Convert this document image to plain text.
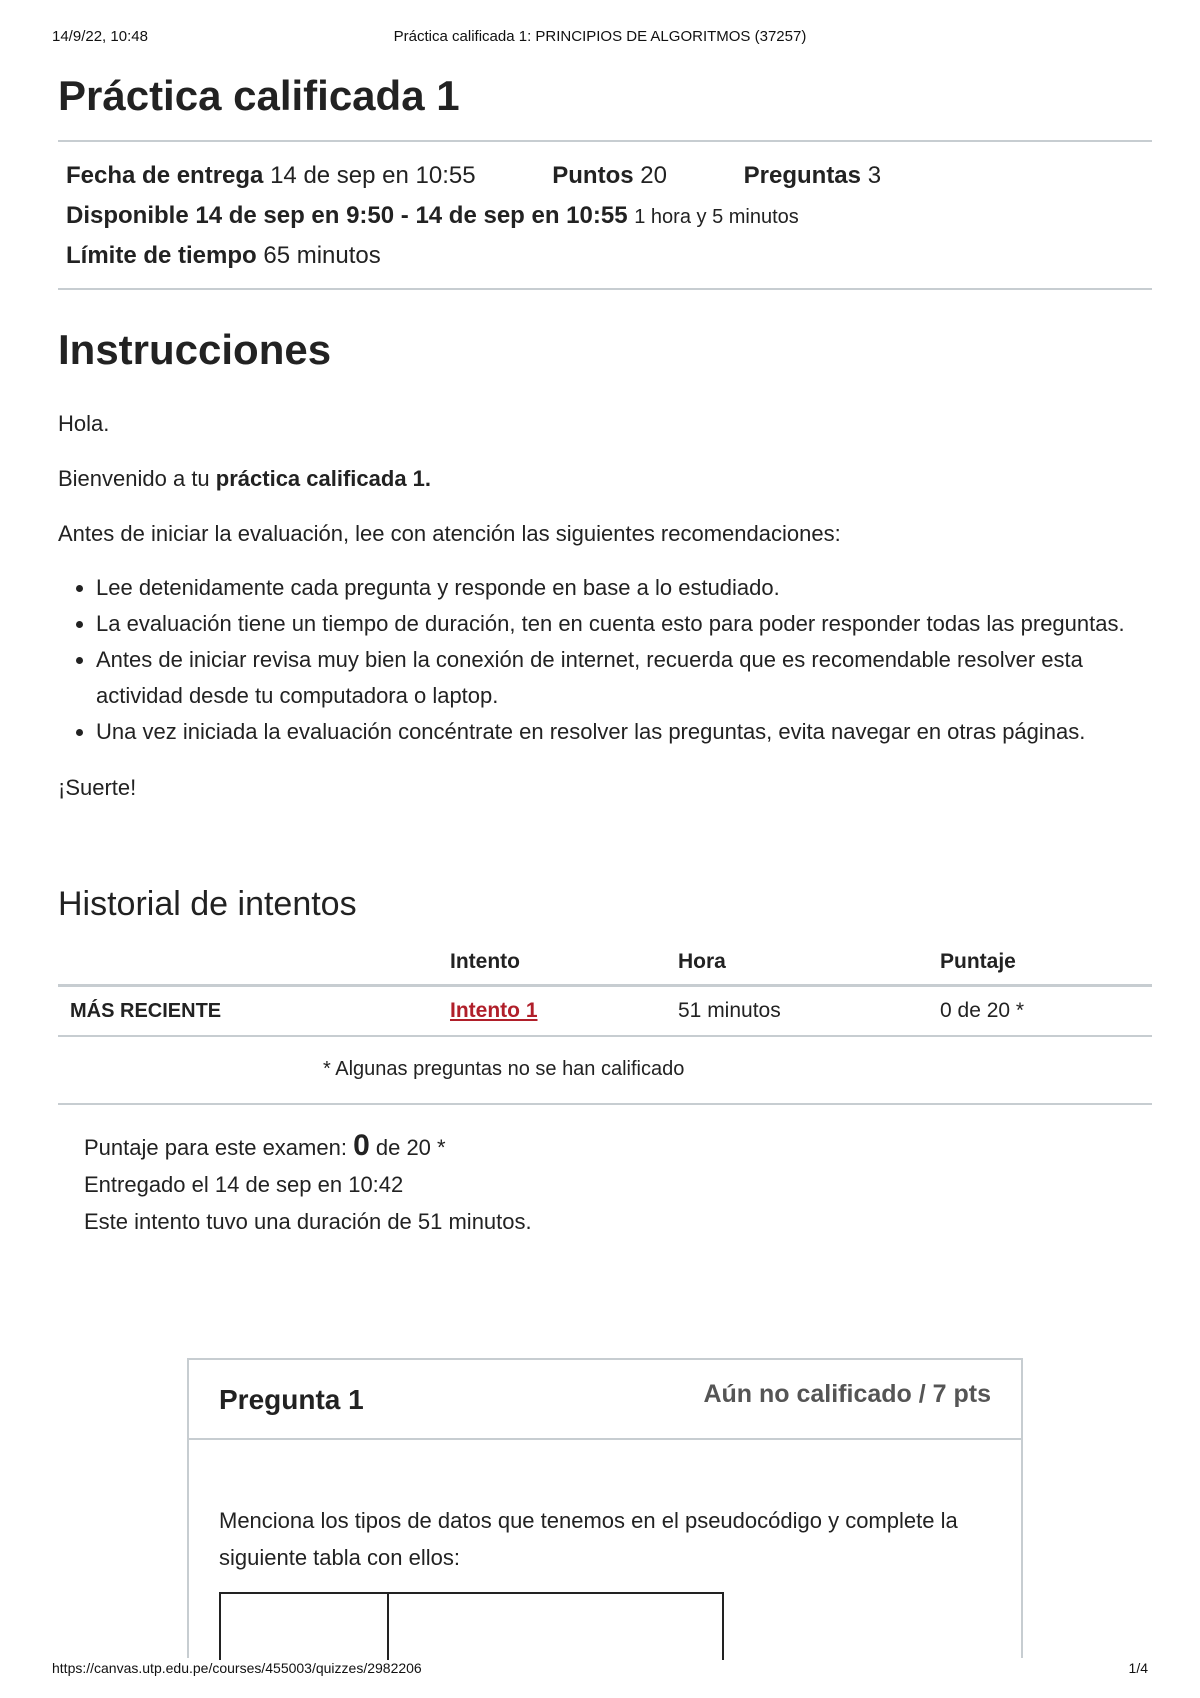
14/9/22, 10:48	Práctica calificada 1: PRINCIPIOS DE ALGORITMOS (37257)
Práctica calificada 1
Fecha de entrega 14 de sep en 10:55	Puntos 20	Preguntas 3
Disponible 14 de sep en 9:50 - 14 de sep en 10:55 1 hora y 5 minutos
Límite de tiempo 65 minutos
Instrucciones

Hola.

Bienvenido a tu práctica calificada 1.

Antes de iniciar la evaluación, lee con atención las siguientes recomendaciones:

• Lee detenidamente cada pregunta y responde en base a lo estudiado.
• La evaluación tiene un tiempo de duración, ten en cuenta esto para poder responder todas las preguntas.
• Antes de iniciar revisa muy bien la conexión de internet, recuerda que es recomendable resolver esta actividad desde tu computadora o laptop.
• Una vez iniciada la evaluación concéntrate en resolver las preguntas, evita navegar en otras páginas.

¡Suerte!

Historial de intentos
	Intento	Hora	Puntaje
MÁS RECIENTE	Intento 1	51 minutos	0 de 20 *
* Algunas preguntas no se han calificado
Puntaje para este examen: 0 de 20 *
Entregado el 14 de sep en 10:42
Este intento tuvo una duración de 51 minutos.
Pregunta 1	Aún no calificado / 7 pts
Menciona los tipos de datos que tenemos en el pseudocódigo y complete la siguiente tabla con ellos:
https://canvas.utp.edu.pe/courses/455003/quizzes/2982206	1/4
